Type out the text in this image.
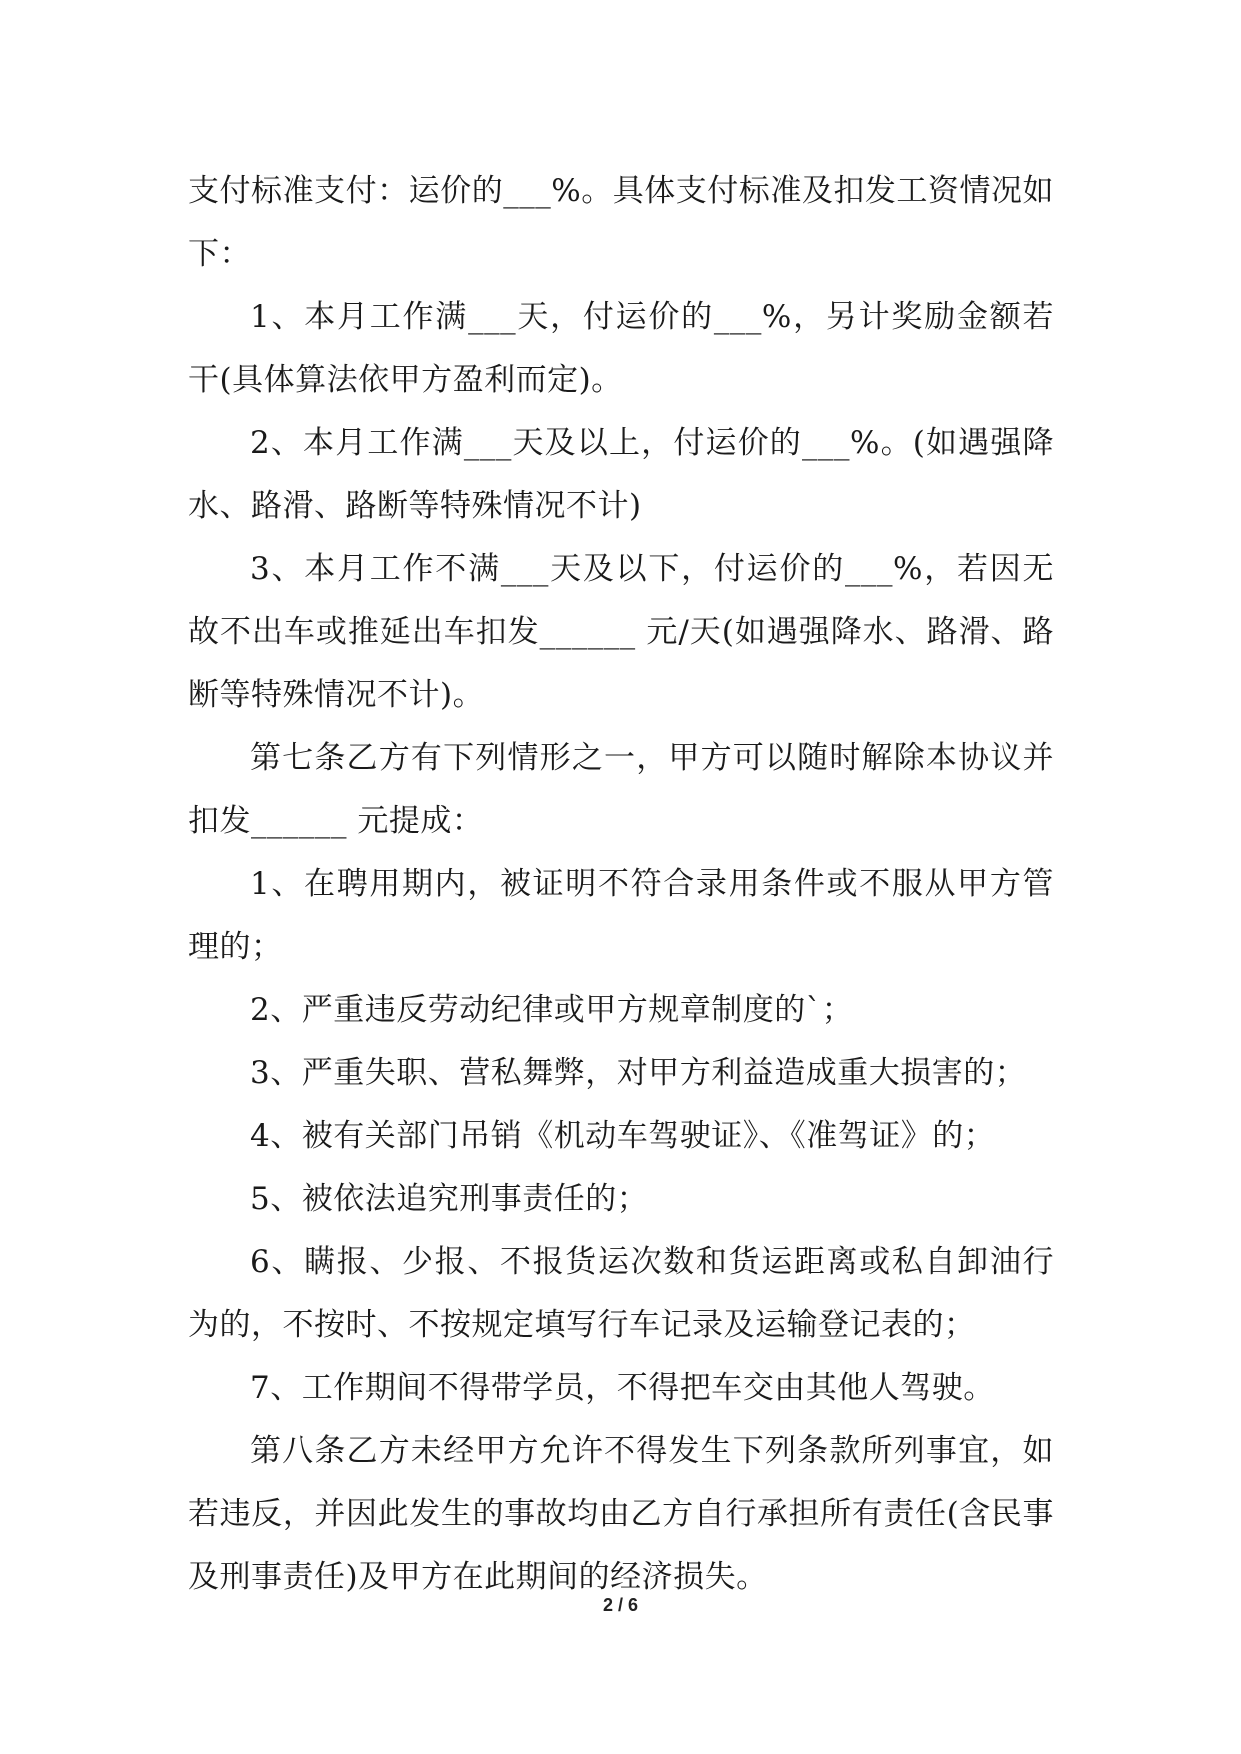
支付标准支付：运价的___%。具体支付标准及扣发工资情况如下：

1、本月工作满___天，付运价的___%，另计奖励金额若干(具体算法依甲方盈利而定)。

2、本月工作满___天及以上，付运价的___%。(如遇强降水、路滑、路断等特殊情况不计)

3、本月工作不满___天及以下，付运价的___%，若因无故不出车或推延出车扣发______ 元/天(如遇强降水、路滑、路断等特殊情况不计)。

第七条乙方有下列情形之一，甲方可以随时解除本协议并扣发______ 元提成：

1、在聘用期内，被证明不符合录用条件或不服从甲方管理的；

2、严重违反劳动纪律或甲方规章制度的`；

3、严重失职、营私舞弊，对甲方利益造成重大损害的；

4、被有关部门吊销《机动车驾驶证》、《准驾证》的；

5、被依法追究刑事责任的；

6、瞒报、少报、不报货运次数和货运距离或私自卸油行为的，不按时、不按规定填写行车记录及运输登记表的；

7、工作期间不得带学员，不得把车交由其他人驾驶。

第八条乙方未经甲方允许不得发生下列条款所列事宜，如若违反，并因此发生的事故均由乙方自行承担所有责任(含民事及刑事责任)及甲方在此期间的经济损失。

2 / 6
